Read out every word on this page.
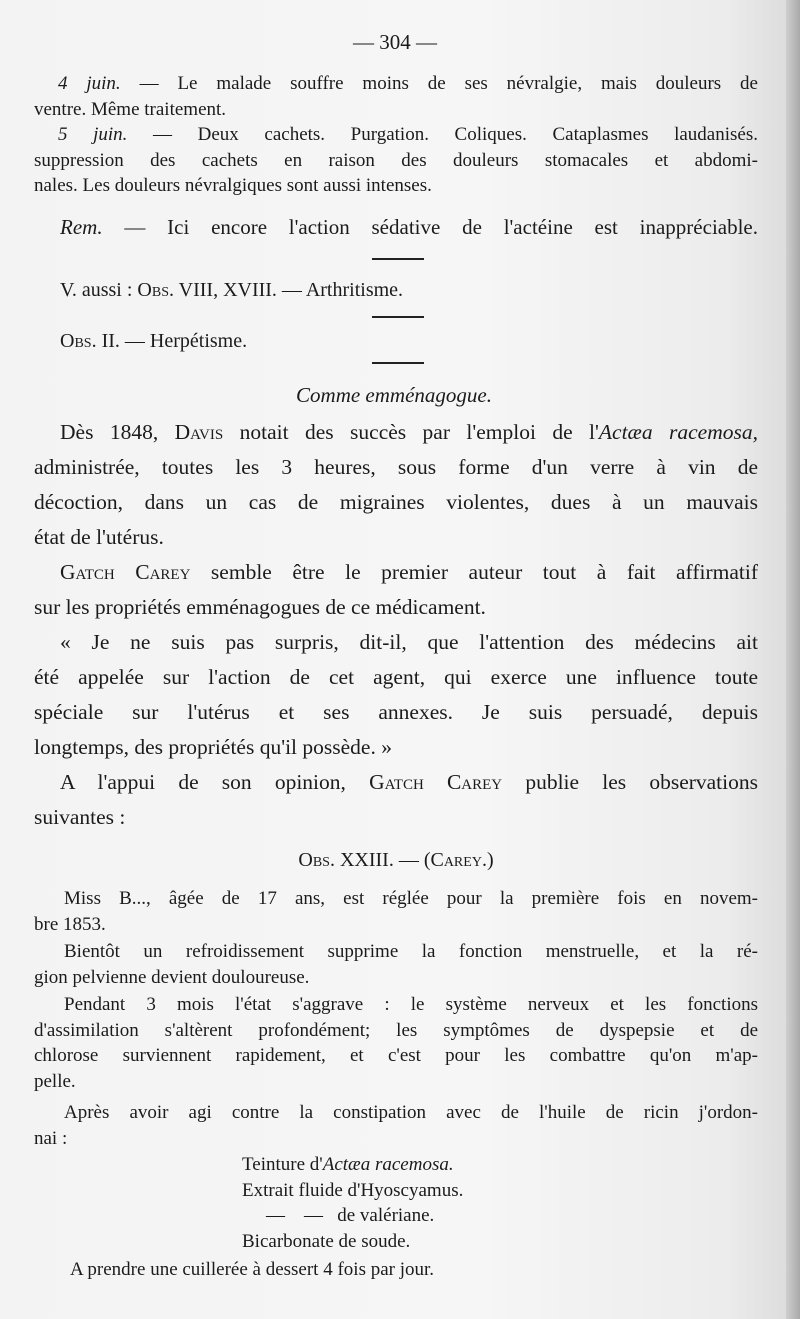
— 304 —
4 juin. — Le malade souffre moins de ses névralgie, mais douleurs de
ventre. Même traitement.
5 juin. — Deux cachets. Purgation. Coliques. Cataplasmes laudanisés.
suppression des cachets en raison des douleurs stomacales et abdomi-
nales. Les douleurs névralgiques sont aussi intenses.
Rem. — Ici encore l'action sédative de l'actéine est inappréciable.
V. aussi : Obs. VIII, XVIII. — Arthritisme.
Obs. II. — Herpétisme.
Comme emménagogue.
Dès 1848, Davis notait des succès par l'emploi de l'Actæa racemosa,
administrée, toutes les 3 heures, sous forme d'un verre à vin de
décoction, dans un cas de migraines violentes, dues à un mauvais
état de l'utérus.
Gatch Carey semble être le premier auteur tout à fait affirmatif
sur les propriétés emménagogues de ce médicament.
« Je ne suis pas surpris, dit-il, que l'attention des médecins ait
été appelée sur l'action de cet agent, qui exerce une influence toute
spéciale sur l'utérus et ses annexes. Je suis persuadé, depuis
longtemps, des propriétés qu'il possède. »
A l'appui de son opinion, Gatch Carey publie les observations
suivantes :
Obs. XXIII. — (Carey.)
Miss B..., âgée de 17 ans, est réglée pour la première fois en novem-
bre 1853.
Bientôt un refroidissement supprime la fonction menstruelle, et la ré-
gion pelvienne devient douloureuse.
Pendant 3 mois l'état s'aggrave : le système nerveux et les fonctions
d'assimilation s'altèrent profondément; les symptômes de dyspepsie et de
chlorose surviennent rapidement, et c'est pour les combattre qu'on m'ap-
pelle.
Après avoir agi contre la constipation avec de l'huile de ricin j'ordon-
nai :
Teinture d'Actæa racemosa.
Extrait fluide d'Hyoscyamus.
—    —   de valériane.
Bicarbonate de soude.
A prendre une cuillerée à dessert 4 fois par jour.
